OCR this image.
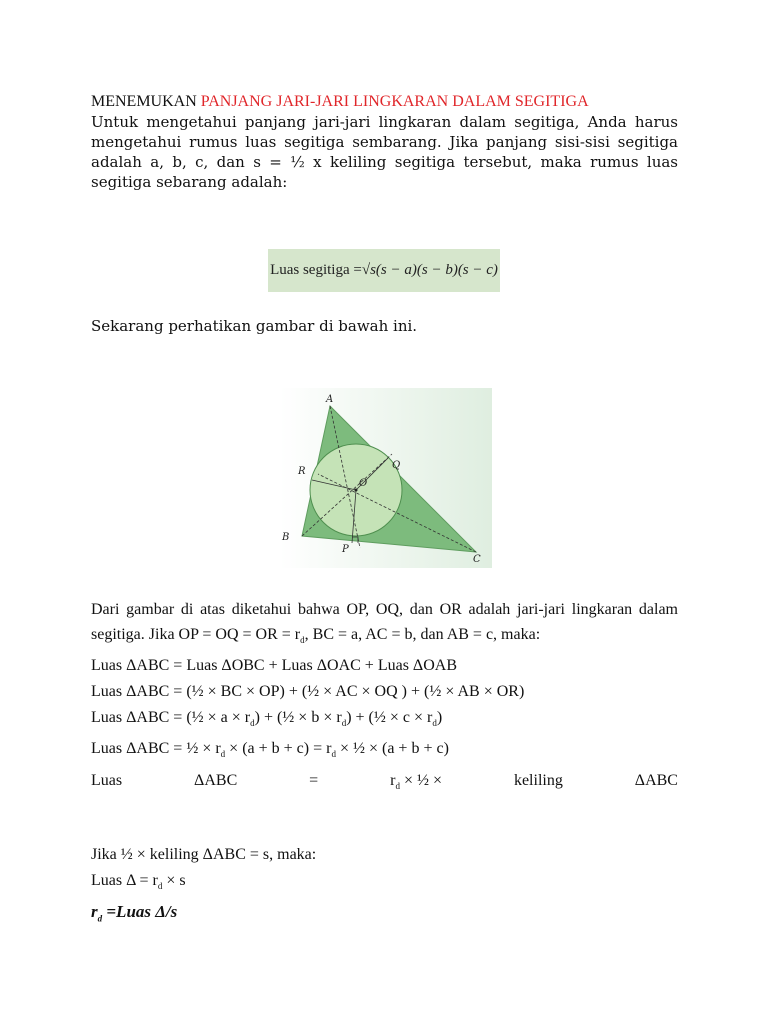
MENEMUKAN PANJANG JARI-JARI LINGKARAN DALAM SEGITIGA

Untuk mengetahui panjang jari-jari lingkaran dalam segitiga, Anda harus mengetahui rumus luas segitiga sembarang. Jika panjang sisi-sisi segitiga adalah a, b, c, dan s = ½ x keliling segitiga tersebut, maka rumus luas segitiga sebarang adalah:

Luas segitiga = √s(s − a)(s − b)(s − c)
Sekarang perhatikan gambar di bawah ini.
A
B
C
O
P
Q
R

Dari gambar di atas diketahui bahwa OP, OQ, dan OR adalah jari-jari lingkaran dalam segitiga. Jika OP = OQ = OR = $r_d$, BC = a, AC = b, dan AB = c, maka:

Luas ΔABC = Luas ΔOBC + Luas ΔOAC + Luas ΔOAB

Luas ΔABC = (½ × BC × OP) + (½ × AC × OQ ) + (½ × AB × OR)

Luas ΔABC = (½ × $a \times r_d$) + (½ × $b \times r_d$) + (½ × $c \times r_d$)

Luas ΔABC = ½ × $r_d \times (a + b + c) = r_d$ × ½ × (a + b + c)

Luas	ΔABC	=	$r_d$ × ½ ×	keliling	ΔABC

Jika ½ × keliling ΔABC = s, maka:

Luas $\Delta = r_d \times s$

$r_d$ =Luas Δ/s
